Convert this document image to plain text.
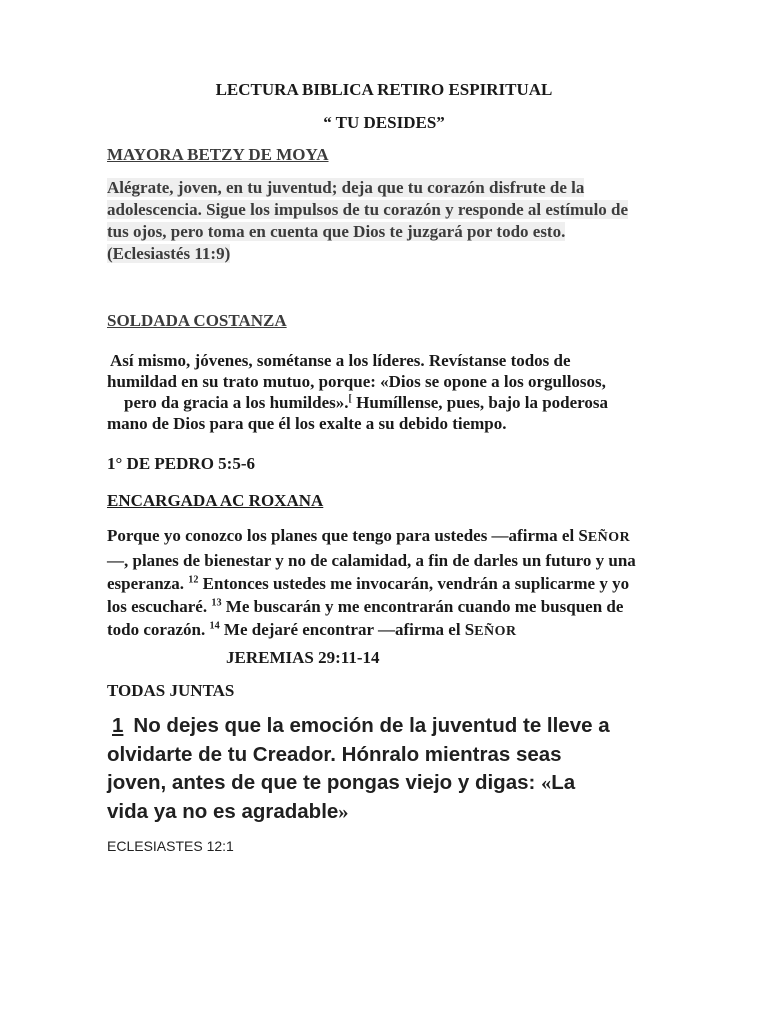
LECTURA BIBLICA RETIRO ESPIRITUAL

“ TU DESIDES”

MAYORA BETZY DE MOYA

Alégrate, joven, en tu juventud; deja que tu corazón disfrute de la
adolescencia. Sigue los impulsos de tu corazón y responde al estímulo de
tus ojos, pero toma en cuenta que Dios te juzgará por todo esto.
(Eclesiastés 11:9)

SOLDADA COSTANZA

Así mismo, jóvenes, sométanse a los líderes. Revístanse todos de
humildad en su trato mutuo, porque: «Dios se opone a los orgullosos,
pero da gracia a los humildes».[ Humíllense, pues, bajo la poderosa
mano de Dios para que él los exalte a su debido tiempo.

1° DE PEDRO 5:5-6

ENCARGADA AC ROXANA

Porque yo conozco los planes que tengo para ustedes —afirma el SEÑOR
—, planes de bienestar y no de calamidad, a fin de darles un futuro y una
esperanza. $^{12}$ Entonces ustedes me invocarán, vendrán a suplicarme y yo
los escucharé. $^{13}$ Me buscarán y me encontrarán cuando me busquen de
todo corazón. $^{14}$ Me dejaré encontrar —afirma el SEÑOR

JEREMIAS 29:11-14

TODAS JUNTAS

1 No dejes que la emoción de la juventud te lleve a
olvidarte de tu Creador. Hónralo mientras seas
joven, antes de que te pongas viejo y digas: «La
vida ya no es agradable»

ECLESIASTES 12:1
